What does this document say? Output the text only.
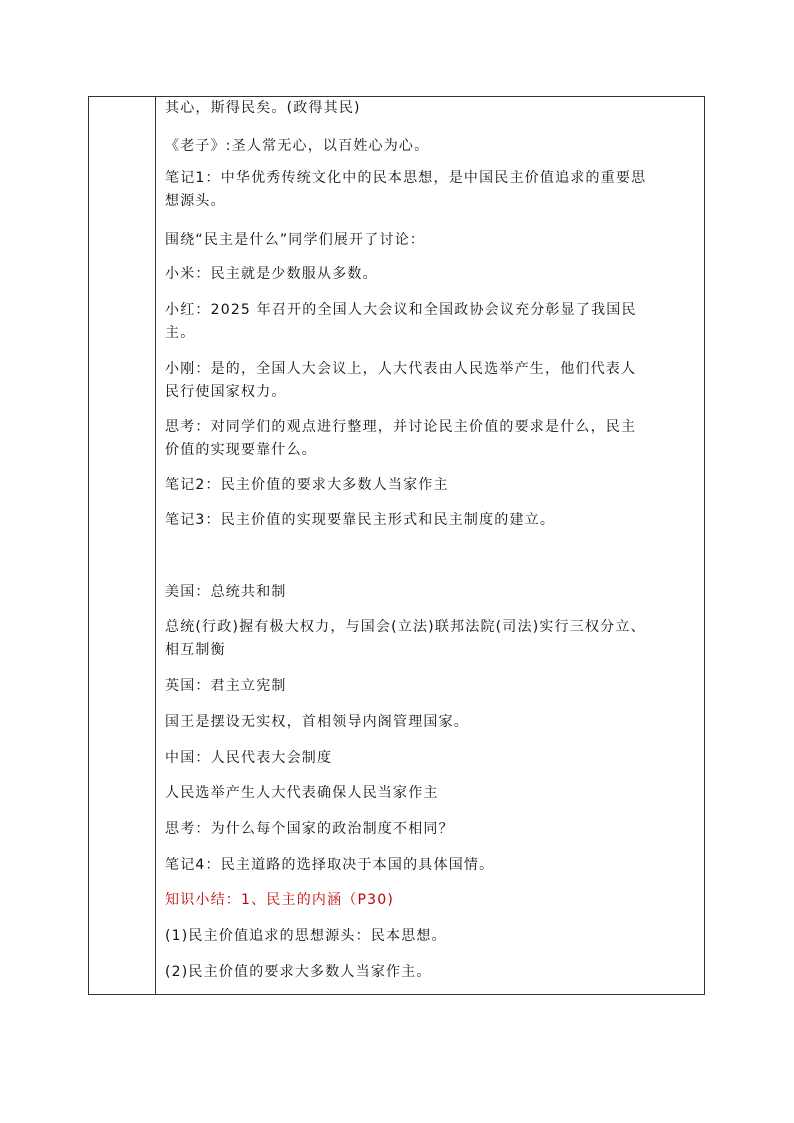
其心，斯得民矣。(政得其民)
《老子》:圣人常无心，以百姓心为心。
笔记1：中华优秀传统文化中的民本思想，是中国民主价值追求的重要思
想源头。
围绕“民主是什么”同学们展开了讨论：
小米：民主就是少数服从多数。
小红：2025 年召开的全国人大会议和全国政协会议充分彰显了我国民
主。
小刚：是的，全国人大会议上，人大代表由人民选举产生，他们代表人
民行使国家权力。
思考：对同学们的观点进行整理，并讨论民主价值的要求是什么，民主
价值的实现要靠什么。
笔记2：民主价值的要求大多数人当家作主
笔记3：民主价值的实现要靠民主形式和民主制度的建立。
美国：总统共和制
总统(行政)握有极大权力，与国会(立法)联邦法院(司法)实行三权分立、
相互制衡
英国：君主立宪制
国王是摆设无实权，首相领导内阁管理国家。
中国：人民代表大会制度
人民选举产生人大代表确保人民当家作主
思考：为什么每个国家的政治制度不相同？
笔记4：民主道路的选择取决于本国的具体国情。
知识小结：1、民主的内涵（P30)
(1)民主价值追求的思想源头：民本思想。
(2)民主价值的要求大多数人当家作主。
